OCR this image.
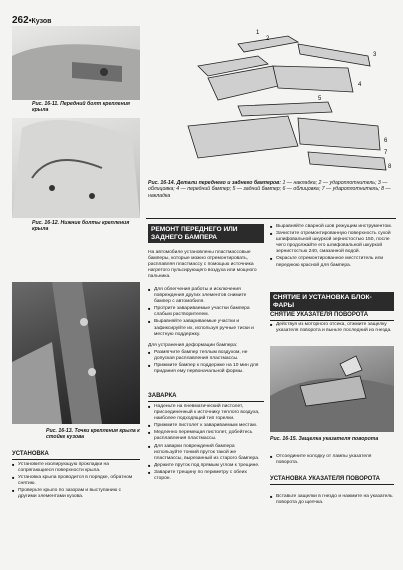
262•Кузов
Рис. 16-11. Передний болт крепления крыла
Рис. 16-12. Нижние болты крепления крыла
Рис. 16-13. Точки крепления крыла к стойке кузова
УСТАНОВКА
■ Установите изолирующую прокладки на сопрягающиеся поверхности крыла.
■ Установка крыла проводится в порядке, обратном снятию.
■ Проверьте крыло по зазорам и выступанию с другими элементами кузова.
1
2
3
4
5
6
7
8
Рис. 16-14. Детали переднего и заднего бамперов: 1 — накладка; 2 — удароплотнитель; 3 — облицовка; 4 — передний бампер; 5 — задний бампер; 6 — облицовка; 7 — удароплотнитель; 8 — накладка
РЕМОНТ ПЕРЕДНЕГО ИЛИ ЗАДНЕГО БАМПЕРА
На автомобиле установлены пластмассовые бамперы, которые можно отремонтировать, расплавляя пластмассу с помощью источника нагретого пульсирующего воздуха или мощного пальника.
■ Для облегчения работы и исключения повреждения других элементов снимите бампер с автомобиля.
■ Протрите завариваемые участки бампера слабым растворителем.
■ Выравняйте завариваемые участки и зафиксируйте их, используя ручные тиски и местную поддержку.
Для устранения деформации бампера:
■ Размягчите бампер теплым воздухом, не допуская расплавления пластмассы.
■ Прижмите бампер к поддержке на 10 мин для придания ему первоначальной формы.
ЗАВАРКА
■ Наденьте на пневматический пистолет, присоединенный к источнику теплого воздуха, наиболее подходящий тип горелки.
■ Прижмите пистолет к завариваемым местам.
■ Медленно перемещая пистолет, добейтесь расплавления пластмассы.
■ Для заварки повреждений бампера используйте тонкий пруток такой же пластмассы, вырезанный из старого бампера.
■ Держите пруток под прямым углом к трещине.
■ Заварите трещину по периметру с обеих сторон.
■ Выравняйте сварной шов режущим инструментом.
■ Зачистите отремонтированную поверхность сухой шлифовальной шкуркой зернистостью 150, после чего продолжайте его шлифовальной шкуркой зернистостью 240, смазанной водой.
■ Окрасьте отремонтированное местститель или переднюю красной для бампера.
СНЯТИЕ И УСТАНОВКА БЛОК-ФАРЫ
СНЯТИЕ УКАЗАТЕЛЯ ПОВОРОТА
■ Действуя из моторного отсека, отжмите защелку указателя поворота и выньте последний из гнезда.
Рис. 16-15. Защелка указателя поворота
■ Отсоедините колодку от лампы указателя поворота.
УСТАНОВКА УКАЗАТЕЛЯ ПОВОРОТА
■ Вставьте защелки в гнездо и нажмите на указатель поворота до щелчка.
